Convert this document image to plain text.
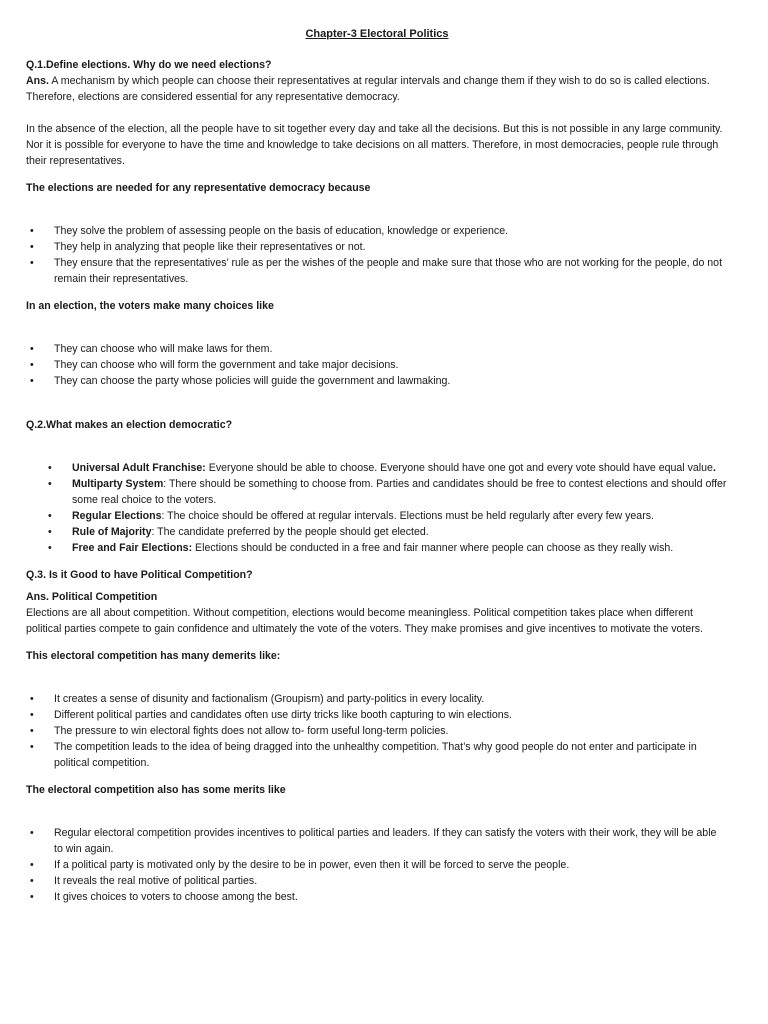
Chapter-3 Electoral Politics

Q.1.Define elections. Why do we need elections?

Ans. A mechanism by which people can choose their representatives at regular intervals and change them if they wish to do so is called elections. Therefore, elections are considered essential for any representative democracy.

In the absence of the election, all the people have to sit together every day and take all the decisions. But this is not possible in any large community. Nor it is possible for everyone to have the time and knowledge to take decisions on all matters. Therefore, in most democracies, people rule through their representatives.

The elections are needed for any representative democracy because

• They solve the problem of assessing people on the basis of education, knowledge or experience.
• They help in analyzing that people like their representatives or not.
• They ensure that the representatives’ rule as per the wishes of the people and make sure that those who are not working for the people, do not remain their representatives.

In an election, the voters make many choices like

• They can choose who will make laws for them.
• They can choose who will form the government and take major decisions.
• They can choose the party whose policies will guide the government and lawmaking.

Q.2.What makes an election democratic?

• Universal Adult Franchise: Everyone should be able to choose. Everyone should have one got and every vote should have equal value.
• Multiparty System: There should be something to choose from. Parties and candidates should be free to contest elections and should offer some real choice to the voters.
• Regular Elections: The choice should be offered at regular intervals. Elections must be held regularly after every few years.
• Rule of Majority: The candidate preferred by the people should get elected.
• Free and Fair Elections: Elections should be conducted in a free and fair manner where people can choose as they really wish.

Q.3. Is it Good to have Political Competition?

Ans. Political Competition

Elections are all about competition. Without competition, elections would become meaningless. Political competition takes place when different political parties compete to gain confidence and ultimately the vote of the voters. They make promises and give incentives to motivate the voters.

This electoral competition has many demerits like:

• It creates a sense of disunity and factionalism (Groupism) and party-politics in every locality.
• Different political parties and candidates often use dirty tricks like booth capturing to win elections.
• The pressure to win electoral fights does not allow to- form useful long-term policies.
• The competition leads to the idea of being dragged into the unhealthy competition. That’s why good people do not enter and participate in political competition.

The electoral competition also has some merits like

• Regular electoral competition provides incentives to political parties and leaders. If they can satisfy the voters with their work, they will be able to win again.
• If a political party is motivated only by the desire to be in power, even then it will be forced to serve the people.
• It reveals the real motive of political parties.
• It gives choices to voters to choose among the best.
